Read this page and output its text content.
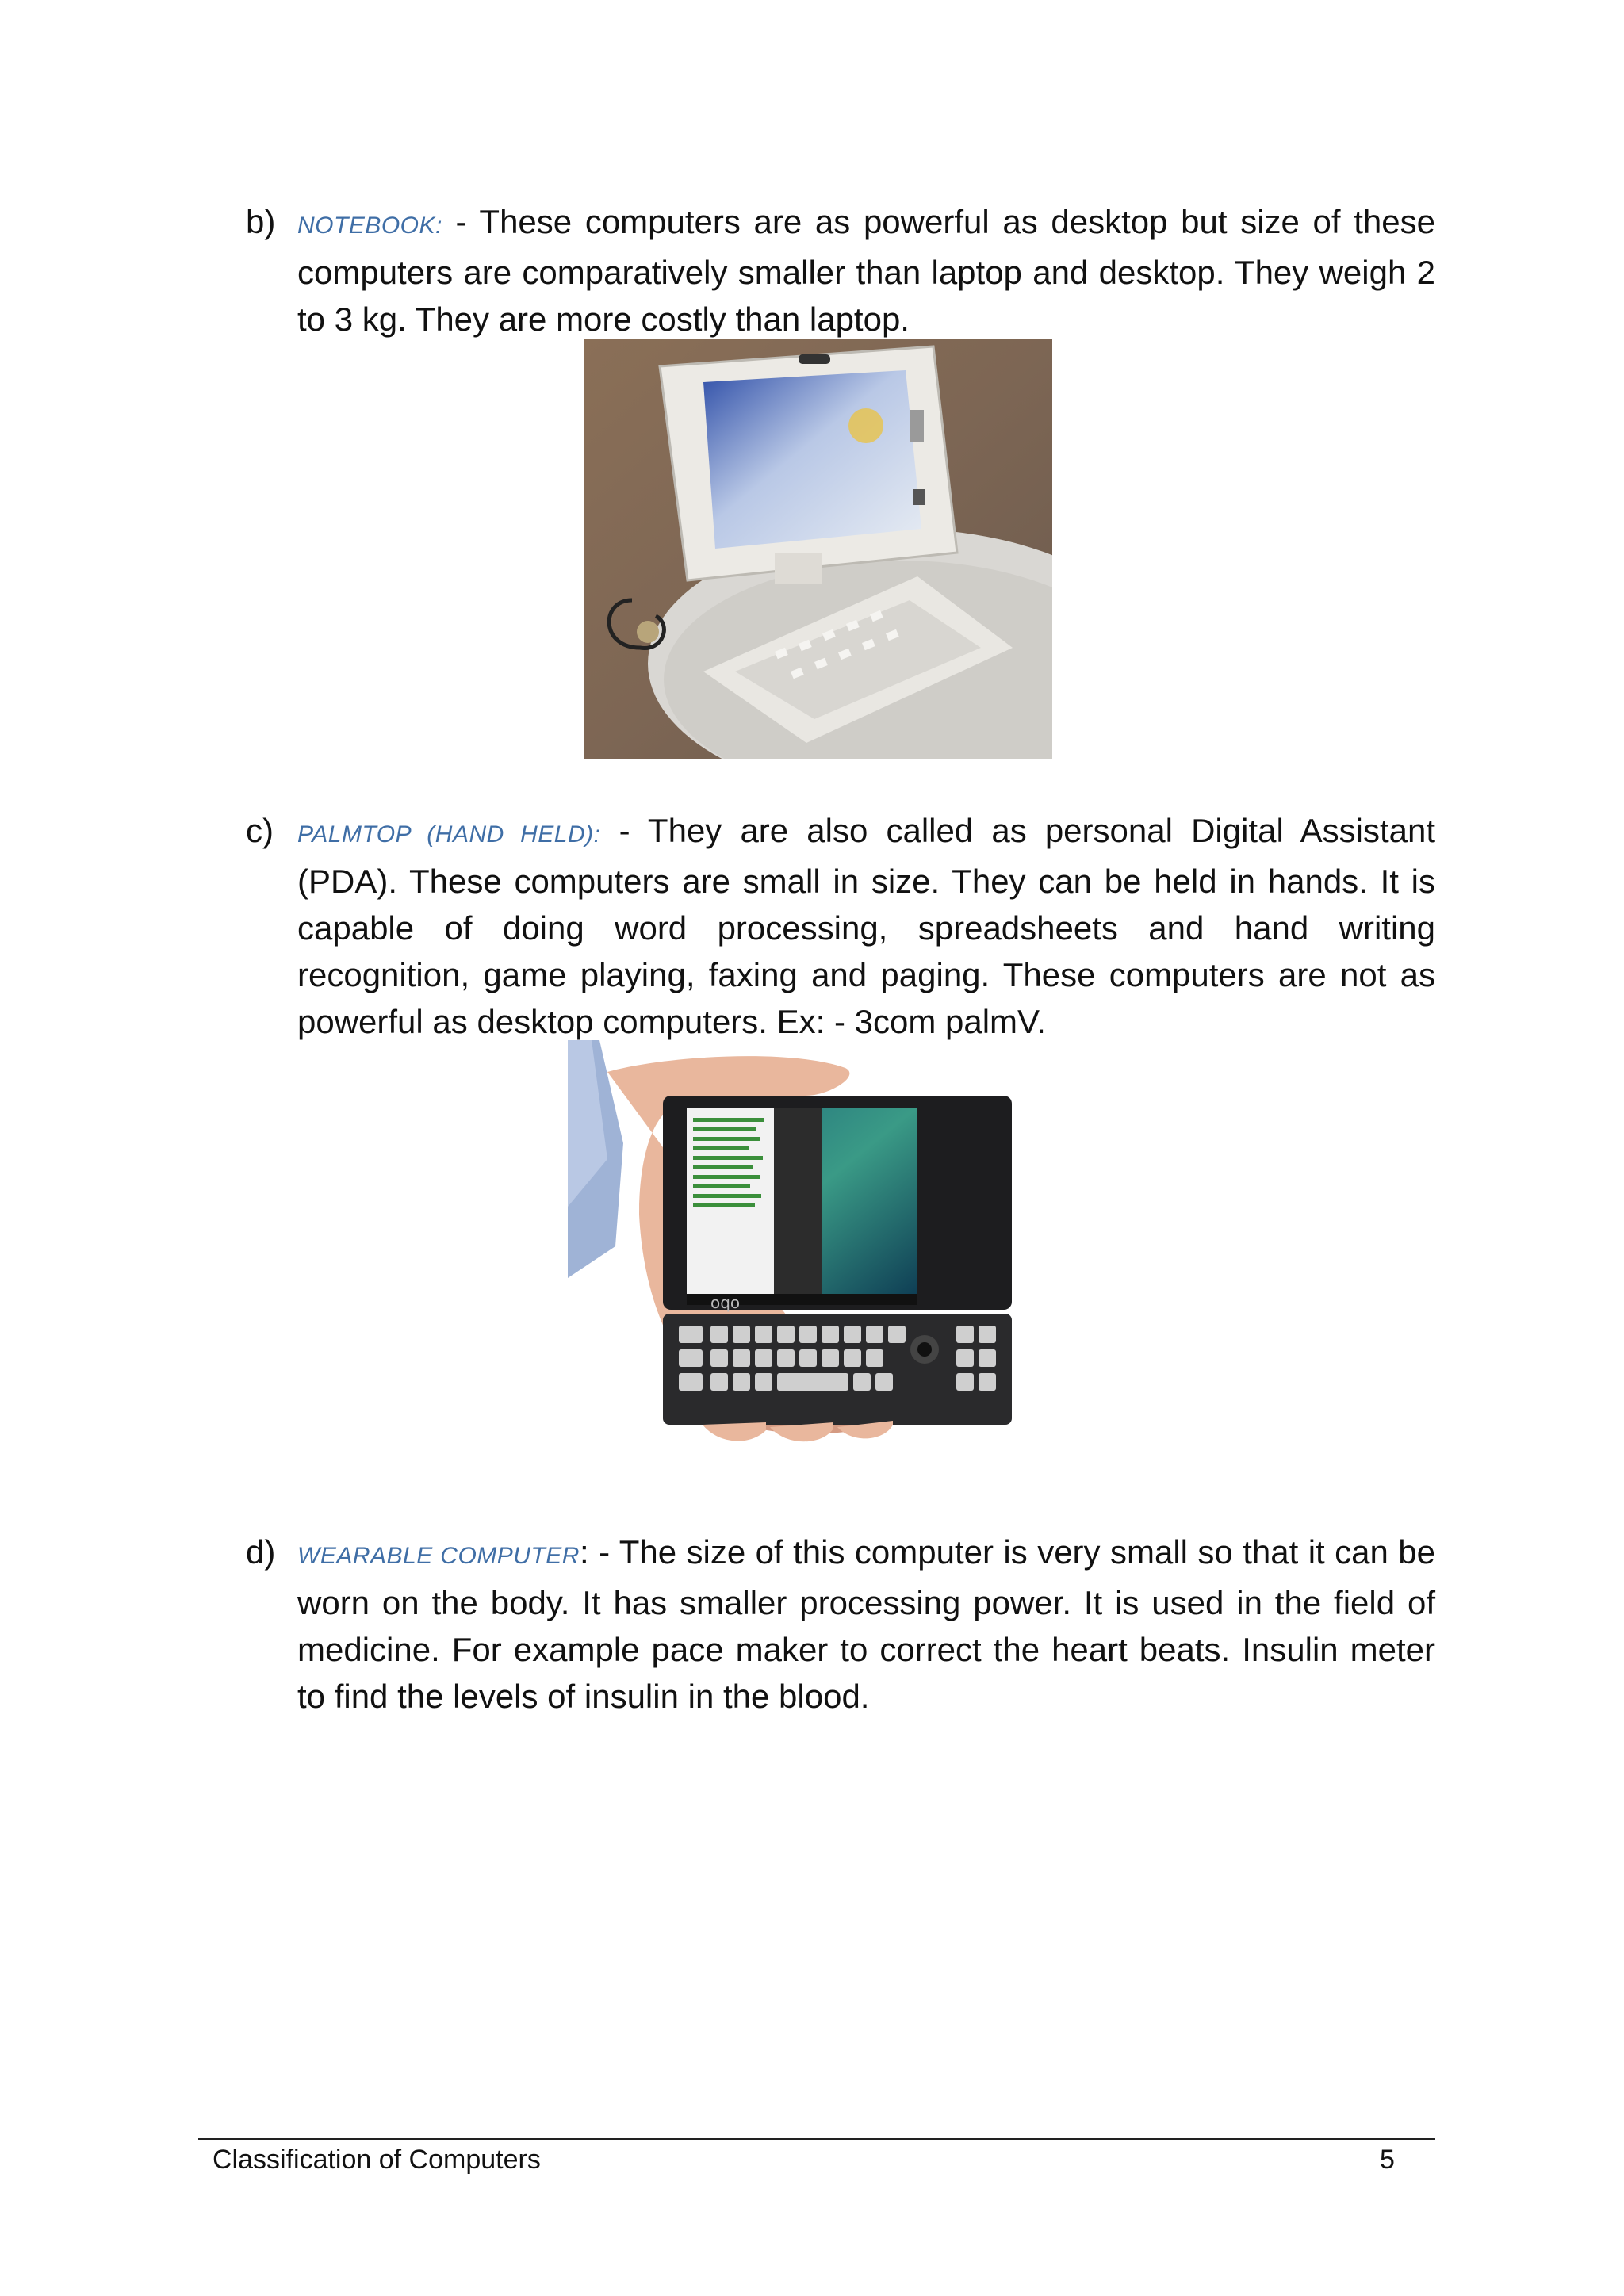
b) NOTEBOOK: - These computers are as powerful as desktop but size of these computers are comparatively smaller than laptop and desktop. They weigh 2 to 3 kg. They are more costly than laptop.
c) PALMTOP (HAND HELD): - They are also called as personal Digital Assistant (PDA). These computers are small in size. They can be held in hands. It is capable of doing word processing, spreadsheets and hand writing recognition, game playing, faxing and paging. These computers are not as powerful as desktop computers. Ex: - 3com palmV.
oqo
d) WEARABLE COMPUTER: - The size of this computer is very small so that it can be worn on the body. It has smaller processing power. It is used in the field of medicine. For example pace maker to correct the heart beats. Insulin meter to find the levels of insulin in the blood.
Classification of Computers	5
